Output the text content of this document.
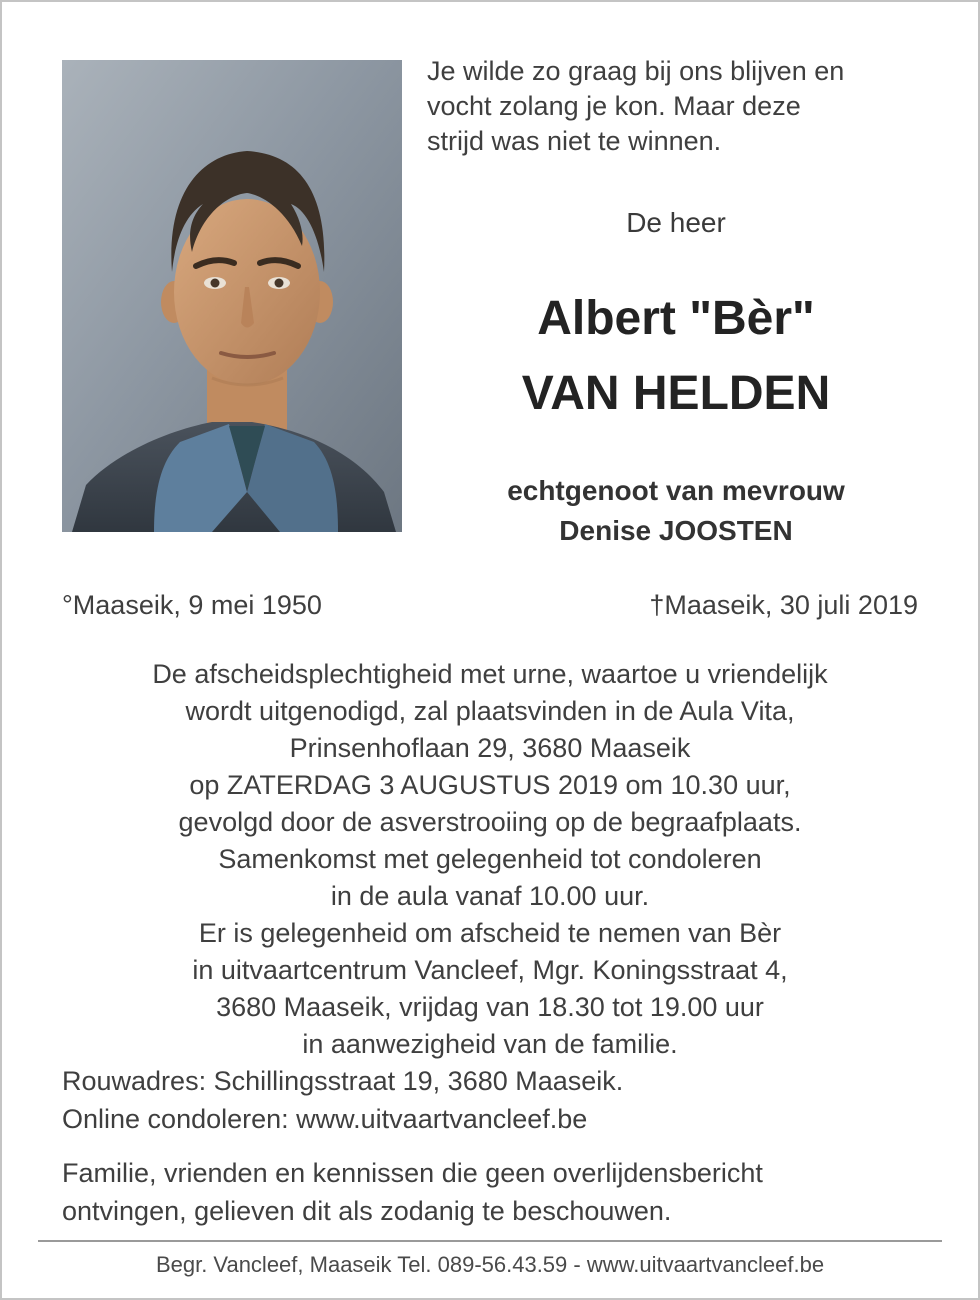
Je wilde zo graag bij ons blijven en
vocht zolang je kon. Maar deze
strijd was niet te winnen.
De heer
Albert "Bèr"
VAN HELDEN
echtgenoot van mevrouw
Denise JOOSTEN
°Maaseik, 9 mei 1950	†Maaseik, 30 juli 2019
De afscheidsplechtigheid met urne, waartoe u vriendelijk
wordt uitgenodigd, zal plaatsvinden in de Aula Vita,
Prinsenhoflaan 29, 3680 Maaseik
op ZATERDAG 3 AUGUSTUS 2019 om 10.30 uur,
gevolgd door de asverstrooiing op de begraafplaats.
Samenkomst met gelegenheid tot condoleren
in de aula vanaf 10.00 uur.
Er is gelegenheid om afscheid te nemen van Bèr
in uitvaartcentrum Vancleef, Mgr. Koningsstraat 4,
3680 Maaseik, vrijdag van 18.30 tot 19.00 uur
in aanwezigheid van de familie.
Rouwadres: Schillingsstraat 19, 3680 Maaseik.
Online condoleren: www.uitvaartvancleef.be
Familie, vrienden en kennissen die geen overlijdensbericht
ontvingen, gelieven dit als zodanig te beschouwen.
Begr. Vancleef, Maaseik Tel. 089-56.43.59 - www.uitvaartvancleef.be
